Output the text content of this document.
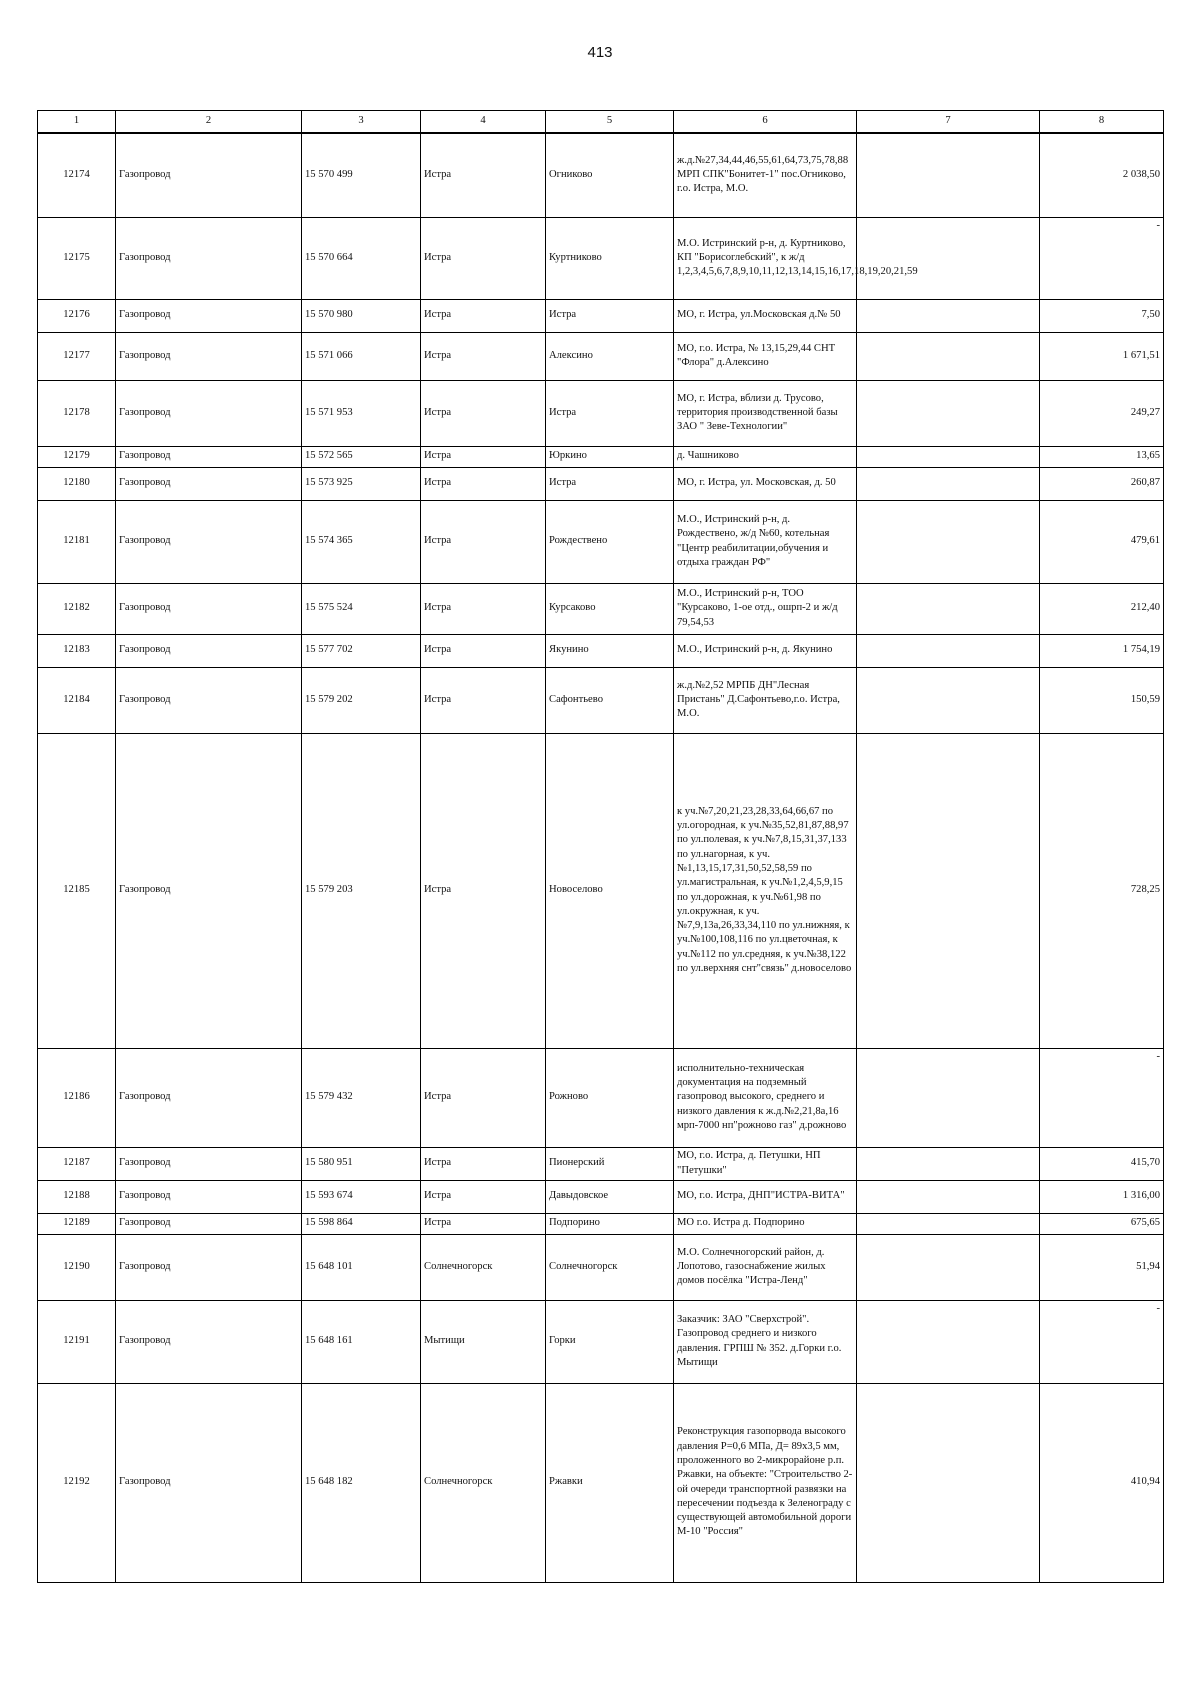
413
1	2	3	4	5	6	7	8
12174	Газопровод	15 570 499	Истра	Огниково	ж.д.№27,34,44,46,55,61,64,73,75,78,88 МРП СПК"Бонитет-1" пос.Огниково, г.о. Истра, М.О.		2 038,50
12175	Газопровод	15 570 664	Истра	Куртниково	М.О. Истринский р-н, д. Куртниково, КП "Борисоглебский", к ж/д 1,2,3,4,5,6,7,8,9,10,11,12,13,14,15,16,17,18,19,20,21,59		-
12176	Газопровод	15 570 980	Истра	Истра	МО, г. Истра, ул.Московская д.№ 50		7,50
12177	Газопровод	15 571 066	Истра	Алексино	МО, г.о. Истра, № 13,15,29,44 СНТ "Флора" д.Алексино		1 671,51
12178	Газопровод	15 571 953	Истра	Истра	МО, г. Истра, вблизи д. Трусово, территория производственной базы ЗАО " Зеве-Технологии"		249,27
12179	Газопровод	15 572 565	Истра	Юркино	д. Чашниково		13,65
12180	Газопровод	15 573 925	Истра	Истра	МО, г. Истра, ул. Московская, д. 50		260,87
12181	Газопровод	15 574 365	Истра	Рождествено	М.О., Истринский р-н, д. Рождествено, ж/д №60, котельная "Центр реабилитации,обучения и отдыха граждан РФ"		479,61
12182	Газопровод	15 575 524	Истра	Курсаково	М.О., Истринский р-н, ТОО "Курсаково, 1-ое отд., ошрп-2 и ж/д 79,54,53		212,40
12183	Газопровод	15 577 702	Истра	Якунино	М.О., Истринский р-н, д. Якунино		1 754,19
12184	Газопровод	15 579 202	Истра	Сафонтьево	ж.д.№2,52 МРПБ ДН"Лесная Пристань" Д.Сафонтьево,г.о. Истра, М.О.		150,59
12185	Газопровод	15 579 203	Истра	Новоселово	к уч.№7,20,21,23,28,33,64,66,67 по ул.огородная, к уч.№35,52,81,87,88,97 по ул.полевая, к уч.№7,8,15,31,37,133 по ул.нагорная, к уч.№1,13,15,17,31,50,52,58,59 по ул.магистральная, к уч.№1,2,4,5,9,15 по ул.дорожная, к уч.№61,98 по ул.окружная, к уч.№7,9,13а,26,33,34,110 по ул.нижняя, к уч.№100,108,116 по ул.цветочная, к уч.№112 по ул.средняя, к уч.№38,122 по ул.верхняя снт"связь" д.новоселово		728,25
12186	Газопровод	15 579 432	Истра	Рожново	исполнительно-техническая документация на подземный газопровод высокого, среднего и низкого давления к ж.д.№2,21,8а,16 мрп-7000 нп"рожново газ" д.рожново		-
12187	Газопровод	15 580 951	Истра	Пионерский	МО, г.о. Истра, д. Петушки, НП "Петушки"		415,70
12188	Газопровод	15 593 674	Истра	Давыдовское	МО, г.о. Истра, ДНП"ИСТРА-ВИТА"		1 316,00
12189	Газопровод	15 598 864	Истра	Подпорино	МО г.о. Истра д. Подпорино		675,65
12190	Газопровод	15 648 101	Солнечногорск	Солнечногорск	М.О. Солнечногорский район, д. Лопотово, газоснабжение жилых домов посёлка "Истра-Ленд"		51,94
12191	Газопровод	15 648 161	Мытищи	Горки	Заказчик: ЗАО "Сверхстрой". Газопровод среднего и низкого давления. ГРПШ № 352. д.Горки г.о. Мытищи		-
12192	Газопровод	15 648 182	Солнечногорск	Ржавки	Реконструкция газопорвода высокого давления Р=0,6 МПа, Д= 89х3,5 мм, проложенного во 2-микрорайоне р.п. Ржавки, на объекте: "Строительство 2-ой очереди транспортной развязки на пересечении подъезда к Зеленограду с существующей автомобильной дороги М-10 "Россия"		410,94
